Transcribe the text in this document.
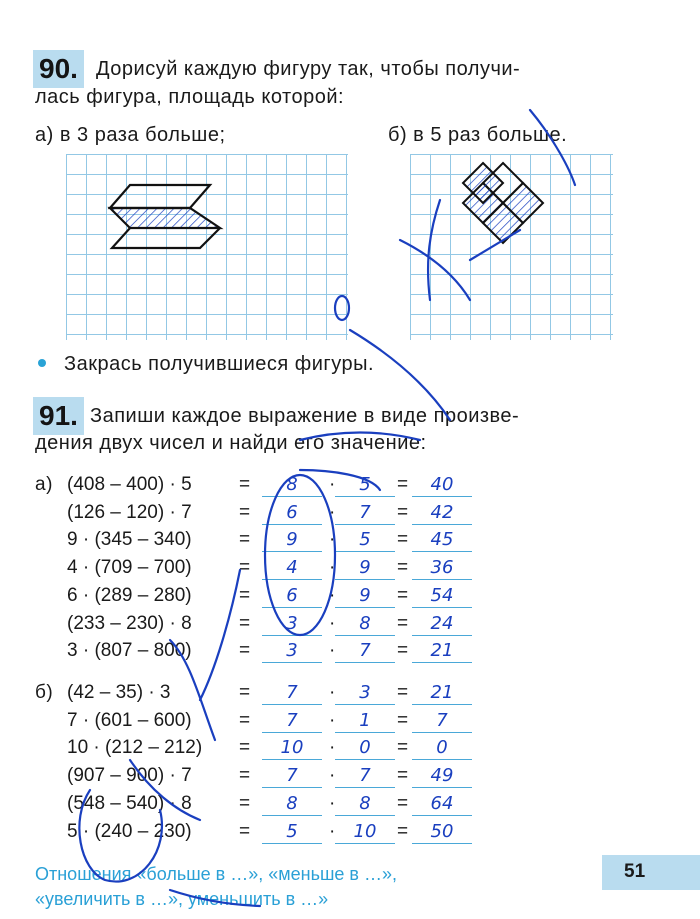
90. Дорисуй каждую фигуру так, чтобы получи-
лась фигура, площадь которой:
а) в 3 раза больше;	б) в 5 раз больше.
Закрась получившиеся фигуры.
91. Запиши каждое выражение в виде произве-
дения двух чисел и найди его значение:
а)
б)
(408 – 400) · 5 =	8	·	5	=	40
(126 – 120) · 7 =	6	·	7	=	42
9 · (345 – 340) =	9	·	5	=	45
4 · (709 – 700) =	4	·	9	=	36
6 · (289 – 280) =	6	·	9	=	54
(233 – 230) · 8 =	3	·	8	=	24
3 · (807 – 800) =	3	·	7	=	21
(42 – 35) · 3	=	7	·	3	=	21
7 · (601 – 600) =	7	·	1	=	7
10 · (212 – 212) =	10	·	0	=	0
(907 – 900) · 7 =	7	·	7	=	49
(548 – 540) · 8 =	8	·	8	=	64
5 · (240 – 230) =	5	·	10	=	50
Отношения «больше в …», «меньше в …»,
«увеличить в …», уменьшить в …»
51
